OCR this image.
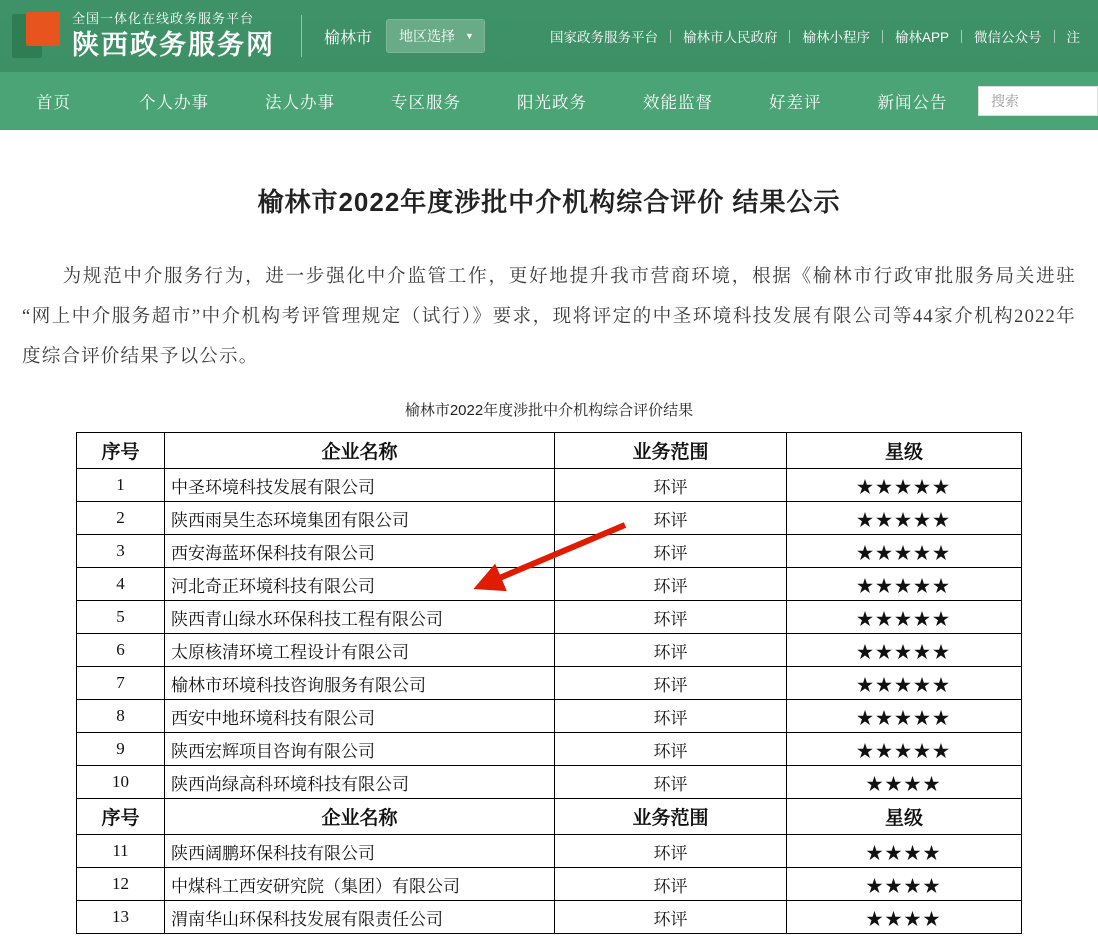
全国一体化在线政务服务平台
陕西政务服务网	榆林市 地区选择 ▼	国家政务服务平台	榆林市人民政府	榆林小程序	榆林APP	微信公众号	注
首页	个人办事	法人办事	专区服务	阳光政务	效能监督	好差评	新闻公告	搜索
榆林市2022年度涉批中介机构综合评价 结果公示
为规范中介服务行为，进一步强化中介监管工作，更好地提升我市营商环境，根据《榆林市行政审批服务局关进驻“网上中介服务超市”中介机构考评管理规定（试行）》要求，现将评定的中圣环境科技发展有限公司等44家介机构2022年度综合评价结果予以公示。
榆林市2022年度涉批中介机构综合评价结果
序号	企业名称	业务范围	星级
1	中圣环境科技发展有限公司	环评	★★★★★
2	陕西雨昊生态环境集团有限公司	环评	★★★★★
3	西安海蓝环保科技有限公司	环评	★★★★★
4	河北奇正环境科技有限公司	环评	★★★★★
5	陕西青山绿水环保科技工程有限公司	环评	★★★★★
6	太原核清环境工程设计有限公司	环评	★★★★★
7	榆林市环境科技咨询服务有限公司	环评	★★★★★
8	西安中地环境科技有限公司	环评	★★★★★
9	陕西宏辉项目咨询有限公司	环评	★★★★★
10	陕西尚绿高科环境科技有限公司	环评	★★★★
序号	企业名称	业务范围	星级
11	陕西阔鹏环保科技有限公司	环评	★★★★
12	中煤科工西安研究院（集团）有限公司	环评	★★★★
13	渭南华山环保科技发展有限责任公司	环评	★★★★
